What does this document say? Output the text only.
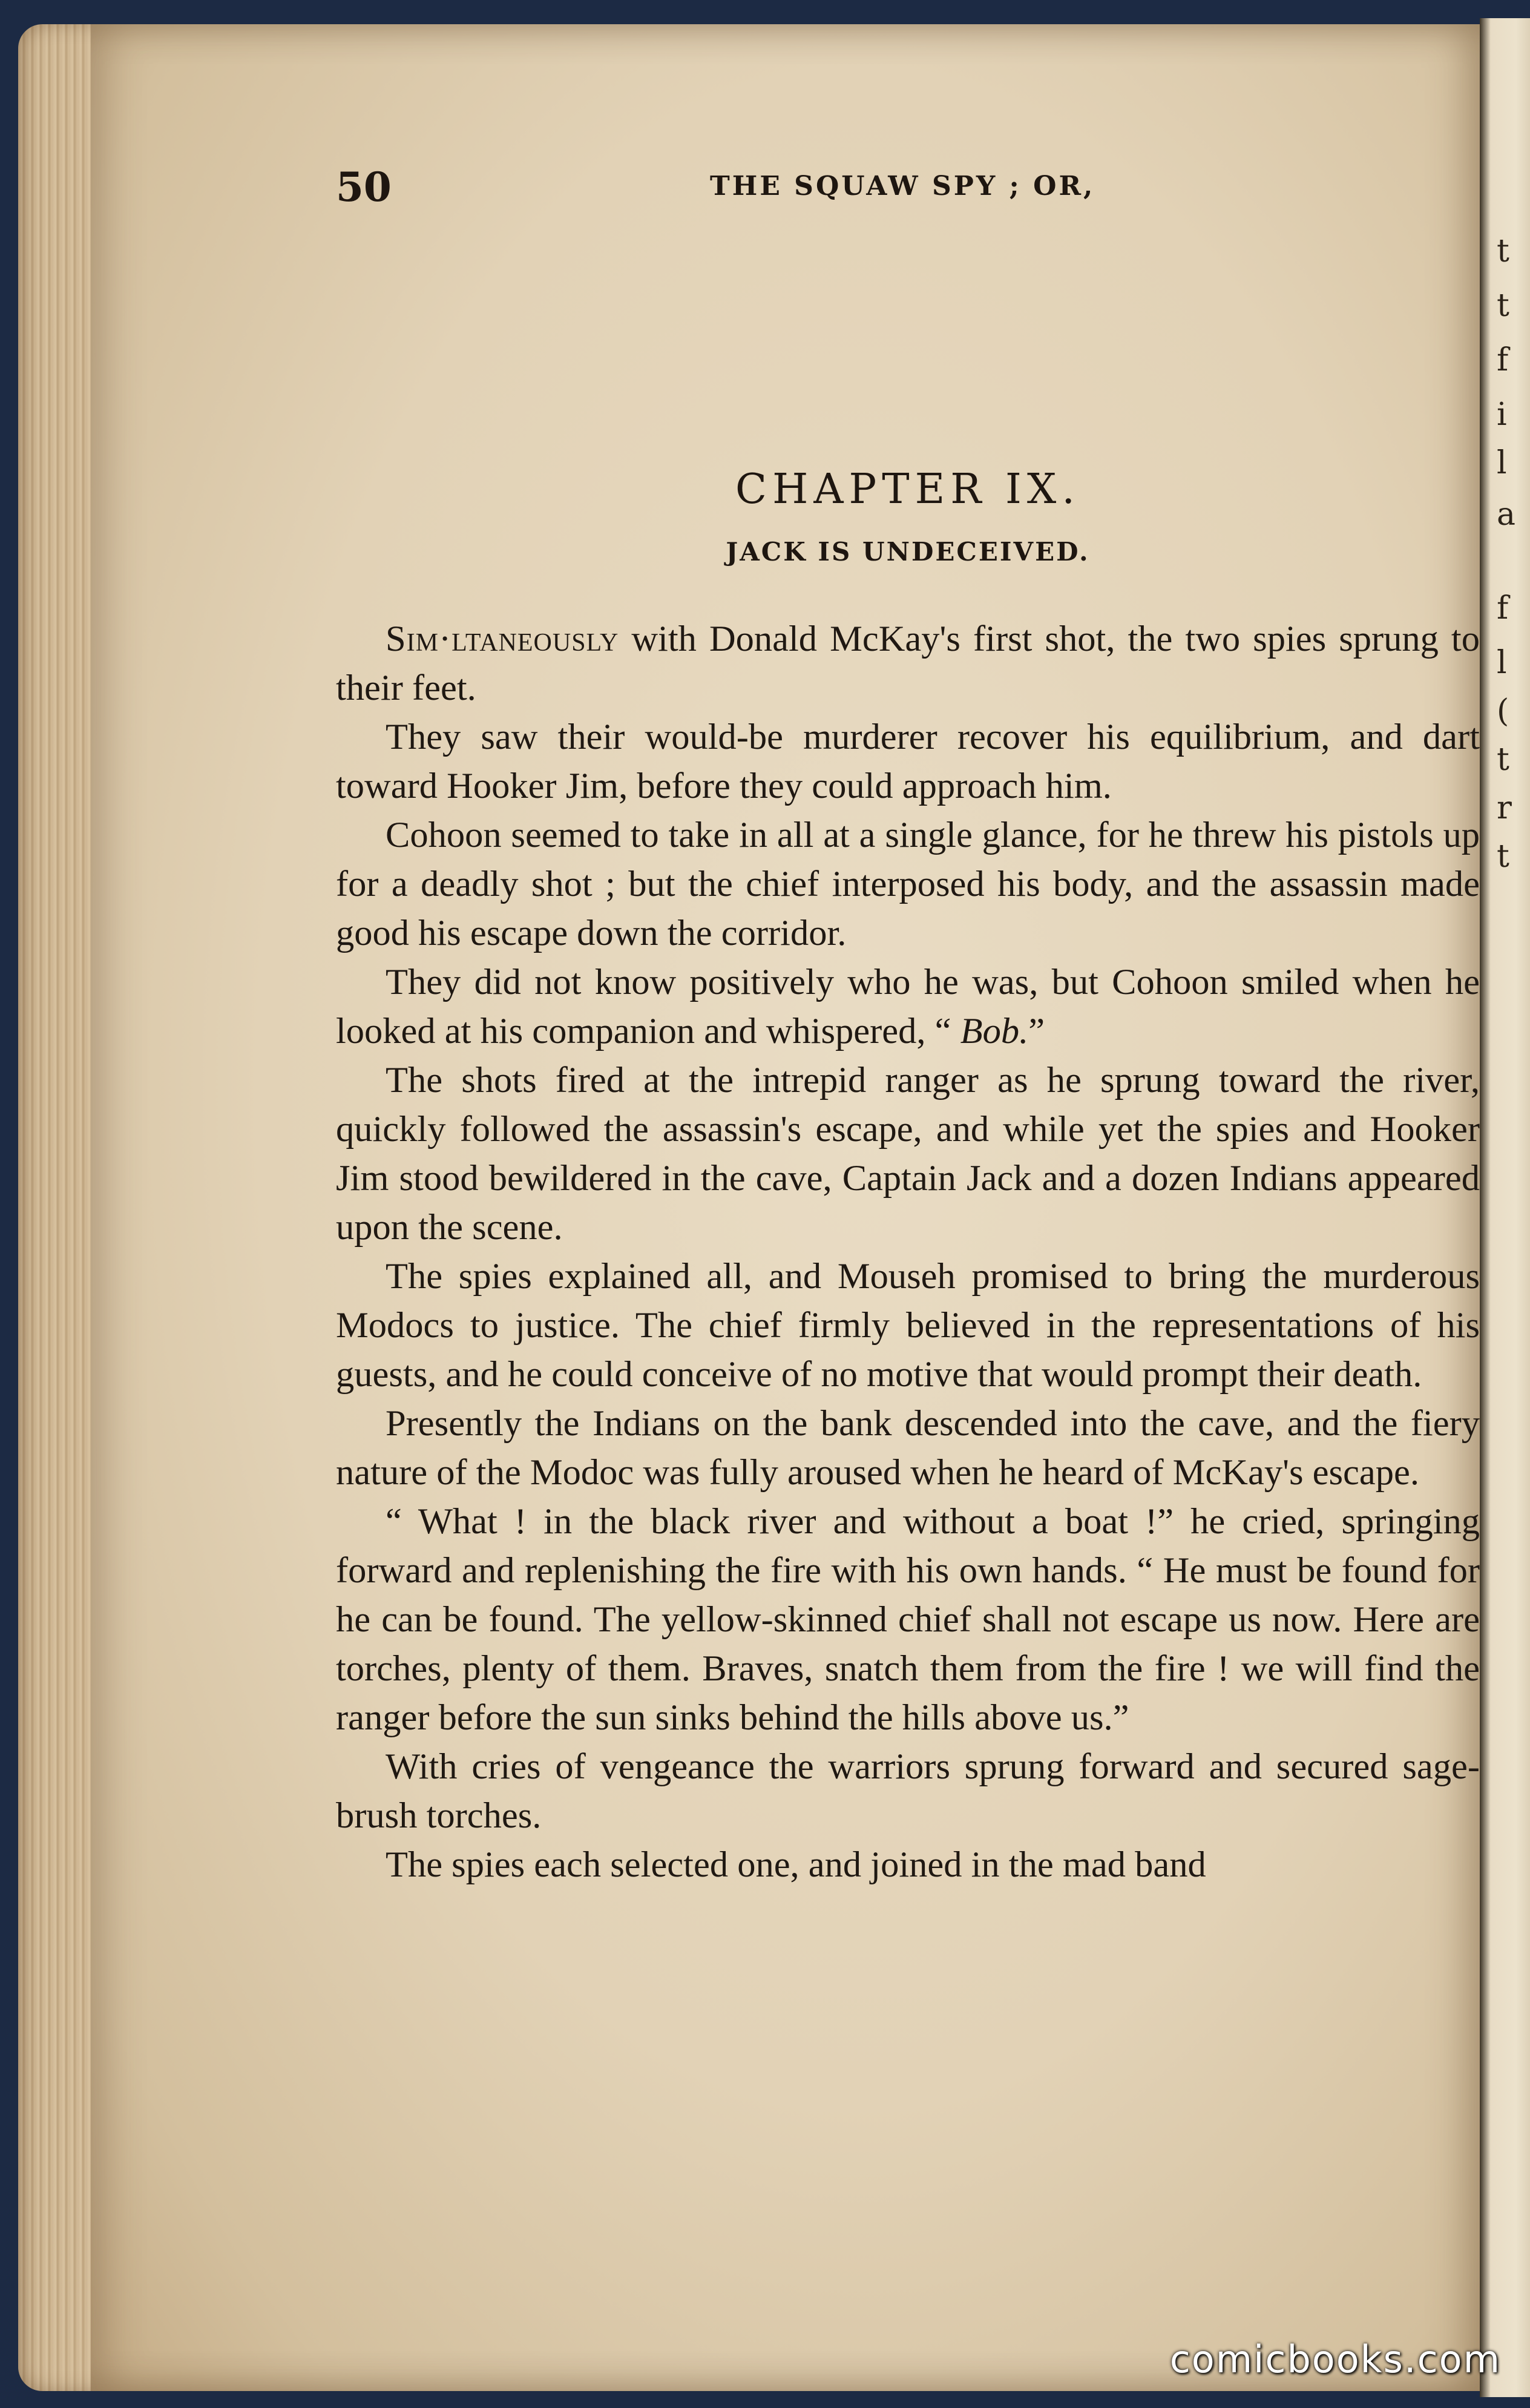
t
t
f
i
l
a
f
l
(
t
r
t
50	THE SQUAW SPY ; OR,
CHAPTER IX.
JACK IS UNDECEIVED.

Sim·ltaneously with Donald McKay's first shot, the two spies sprung to their feet.

They saw their would-be murderer recover his equilibrium, and dart toward Hooker Jim, before they could approach him.

Cohoon seemed to take in all at a single glance, for he threw his pistols up for a deadly shot ; but the chief interposed his body, and the assassin made good his escape down the corridor.

They did not know positively who he was, but Cohoon smiled when he looked at his companion and whispered, “ Bob.”

The shots fired at the intrepid ranger as he sprung toward the river, quickly followed the assassin's escape, and while yet the spies and Hooker Jim stood bewildered in the cave, Captain Jack and a dozen Indians appeared upon the scene.

The spies explained all, and Mouseh promised to bring the murderous Modocs to justice. The chief firmly believed in the representations of his guests, and he could conceive of no motive that would prompt their death.

Presently the Indians on the bank descended into the cave, and the fiery nature of the Modoc was fully aroused when he heard of McKay's escape.

“ What ! in the black river and without a boat !” he cried, springing forward and replenishing the fire with his own hands. “ He must be found for he can be found. The yellow-skinned chief shall not escape us now. Here are torches, plenty of them. Braves, snatch them from the fire ! we will find the ranger before the sun sinks behind the hills above us.”

With cries of vengeance the warriors sprung forward and secured sage-brush torches.

The spies each selected one, and joined in the mad band

comicbooks.com
